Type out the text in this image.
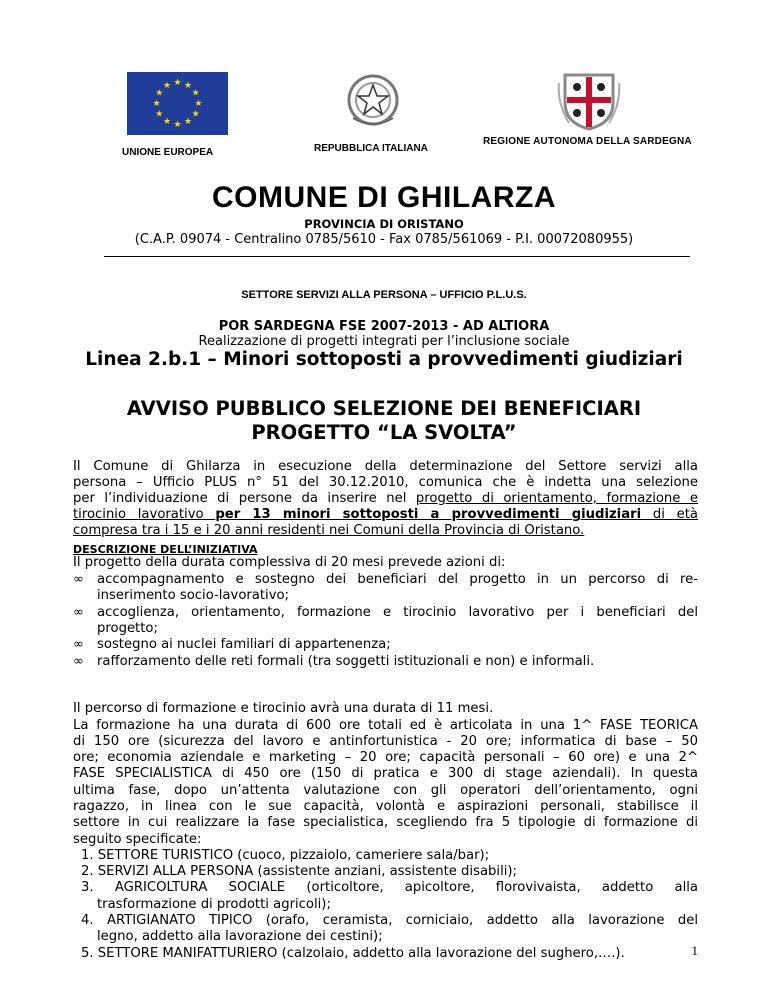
★ ★
★
★
★
★
★
★
★
★
★
★
UNIONE EUROPEA	REPUBBLICA ITALIANA
REGIONE AUTONOMA DELLA SARDEGNA
COMUNE DI GHILARZA
PROVINCIA DI ORISTANO
(C.A.P. 09074 - Centralino 0785/5610 - Fax 0785/561069 - P.I. 00072080955)
SETTORE SERVIZI ALLA PERSONA – UFFICIO P.L.U.S.
POR SARDEGNA FSE 2007-2013 - AD ALTIORA
Realizzazione di progetti integrati per l’inclusione sociale
Linea 2.b.1 – Minori sottoposti a provvedimenti giudiziari
AVVISO PUBBLICO SELEZIONE DEI BENEFICIARI
PROGETTO “LA SVOLTA”
Il Comune di Ghilarza in esecuzione della determinazione del Settore servizi alla
persona – Ufficio PLUS n° 51 del 30.12.2010, comunica che è indetta una selezione
per l’individuazione di persone da inserire nel progetto di orientamento, formazione e
tirocinio lavorativo per 13 minori sottoposti a provvedimenti giudiziari di età
compresa tra i 15 e i 20 anni residenti nei Comuni della Provincia di Oristano.
DESCRIZIONE DELL’INIZIATIVA
Il progetto della durata complessiva di 20 mesi prevede azioni di:
∞ accompagnamento e sostegno dei beneficiari del progetto in un percorso di re-
inserimento socio-lavorativo;
∞ accoglienza, orientamento, formazione e tirocinio lavorativo per i beneficiari del
progetto;
∞ sostegno ai nuclei familiari di appartenenza;
∞ rafforzamento delle reti formali (tra soggetti istituzionali e non) e informali.
Il percorso di formazione e tirocinio avrà una durata di 11 mesi.
La formazione ha una durata di 600 ore totali ed è articolata in una 1^ FASE TEORICA
di 150 ore (sicurezza del lavoro e antinfortunistica - 20 ore; informatica di base – 50
ore; economia aziendale e marketing – 20 ore; capacità personali – 60 ore) e una 2^
FASE SPECIALISTICA di 450 ore (150 di pratica e 300 di stage aziendali). In questa
ultima fase, dopo un’attenta valutazione con gli operatori dell’orientamento, ogni
ragazzo, in linea con le sue capacità, volontà e aspirazioni personali, stabilisce il
settore in cui realizzare la fase specialistica, scegliendo fra 5 tipologie di formazione di
seguito specificate:
1. SETTORE TURISTICO (cuoco, pizzaiolo, cameriere sala/bar);
2. SERVIZI ALLA PERSONA (assistente anziani, assistente disabili);
3. AGRICOLTURA SOCIALE (orticoltore, apicoltore, florovivaista, addetto alla
trasformazione di prodotti agricoli);
4. ARTIGIANATO TIPICO (orafo, ceramista, corniciaio, addetto alla lavorazione del
legno, addetto alla lavorazione dei cestini);
5. SETTORE MANIFATTURIERO (calzolaio, addetto alla lavorazione del sughero,….).	1
